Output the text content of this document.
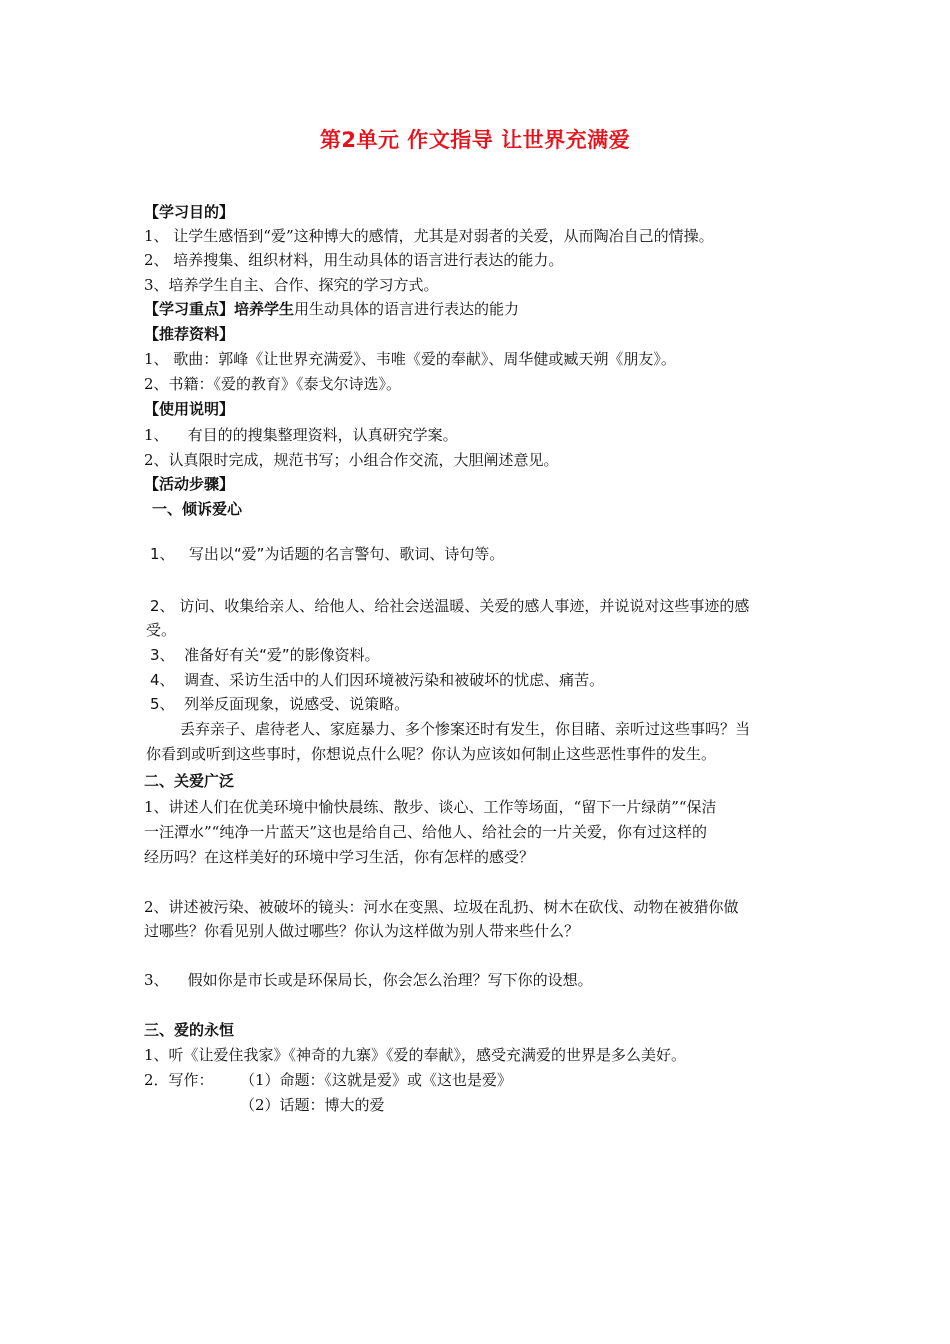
第2单元 作文指导 让世界充满爱
【学习目的】
1、 让学生感悟到“爱”这种博大的感情，尤其是对弱者的关爱，从而陶冶自己的情操。
2、 培养搜集、组织材料，用生动具体的语言进行表达的能力。
3、培养学生自主、合作、探究的学习方式。
【学习重点】培养学生用生动具体的语言进行表达的能力
【推荐资料】
1、 歌曲：郭峰《让世界充满爱》、韦唯《爱的奉献》、周华健或臧天朔《朋友》。
2、书籍：《爱的教育》《泰戈尔诗选》。
【使用说明】
1、    有目的的搜集整理资料，认真研究学案。
2、认真限时完成，规范书写；小组合作交流，大胆阐述意见。
【活动步骤】
一、倾诉爱心
1、   写出以“爱”为话题的名言警句、歌词、诗句等。
2、 访问、收集给亲人、给他人、给社会送温暖、关爱的感人事迹，并说说对这些事迹的感
受。
3、  准备好有关“爱”的影像资料。
4、  调查、采访生活中的人们因环境被污染和被破坏的忧虑、痛苦。
5、  列举反面现象，说感受、说策略。
丢弃亲子、虐待老人、家庭暴力、多个惨案还时有发生，你目睹、亲听过这些事吗？当
你看到或听到这些事时，你想说点什么呢？你认为应该如何制止这些恶性事件的发生。
二、关爱广泛
1、讲述人们在优美环境中愉快晨练、散步、谈心、工作等场面，“留下一片绿荫”“保洁
一汪潭水”“纯净一片蓝天”这也是给自己、给他人、给社会的一片关爱，你有过这样的
经历吗？在这样美好的环境中学习生活，你有怎样的感受？
2、讲述被污染、被破坏的镜头：河水在变黑、垃圾在乱扔、树木在砍伐、动物在被猎你做
过哪些？你看见别人做过哪些？你认为这样做为别人带来些什么？
3、    假如你是市长或是环保局长，你会怎么治理？写下你的设想。
三、爱的永恒
1、听《让爱住我家》《神奇的九寨》《爱的奉献》，感受充满爱的世界是多么美好。
2．写作： （1）命题：《这就是爱》或《这也是爱》
（2）话题：博大的爱
